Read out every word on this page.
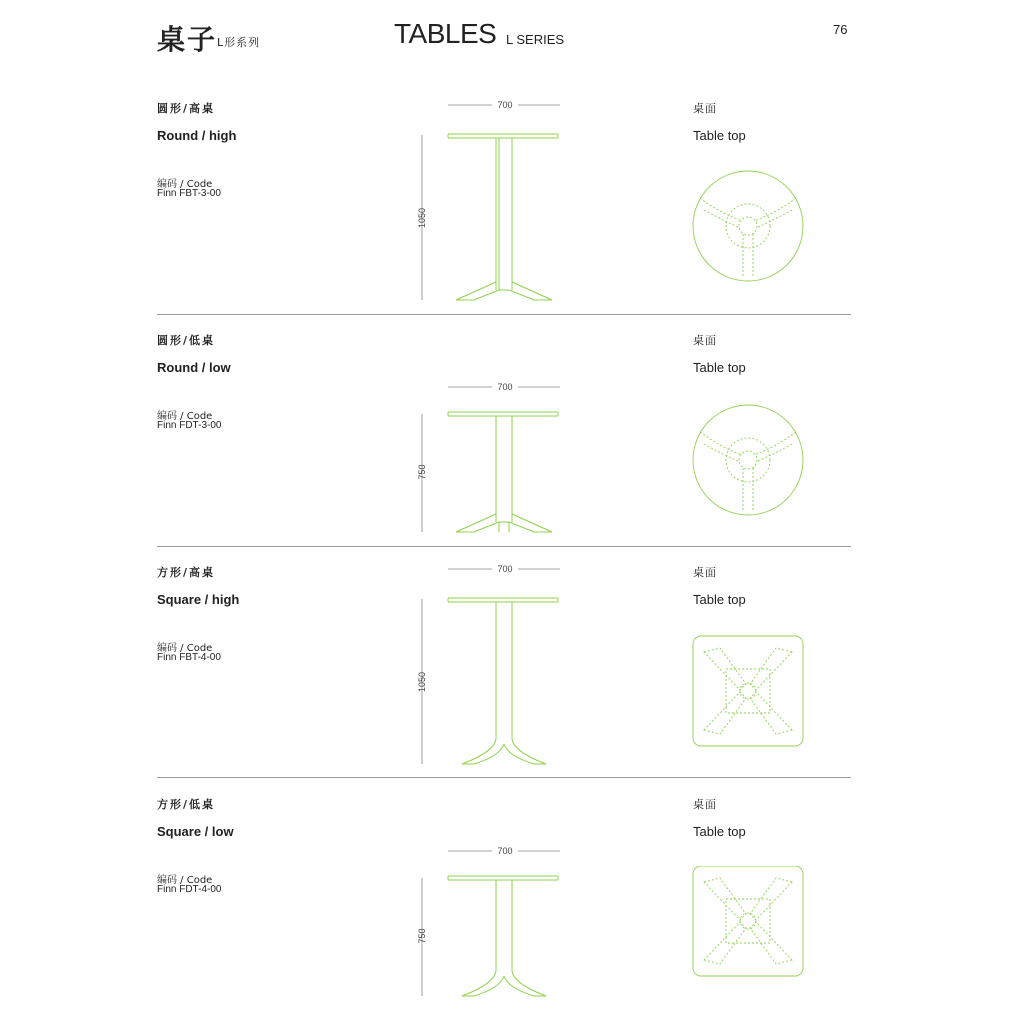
桌子 L形系列	TABLES L SERIES
76
圆形/高桌
Round / high
编码 / Code
Finn FBT-3-00
桌面
Table top
700
1050
圆形/低桌
Round / low
编码 / Code
Finn FDT-3-00
桌面
Table top
700
750
方形/高桌
Square / high
编码 / Code
Finn FBT-4-00
桌面
Table top
700
1050
方形/低桌
Square / low
编码 / Code
Finn FDT-4-00
桌面
Table top
700
750
